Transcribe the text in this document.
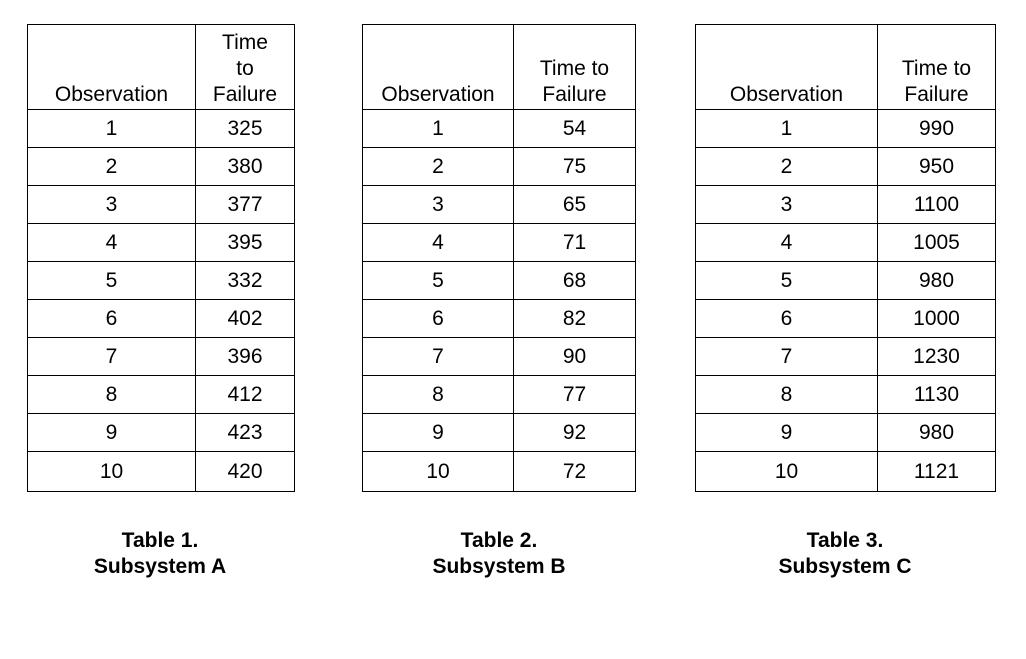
Observation	Time
to
Failure
1	325
2	380
3	377
4	395
5	332
6	402
7	396
8	412
9	423
10	420
Observation	Time to
Failure
1	54
2	75
3	65
4	71
5	68
6	82
7	90
8	77
9	92
10	72
Observation	Time to
Failure
1	990
2	950
3	1100
4	1005
5	980
6	1000
7	1230
8	1130
9	980
10	1121
Table 1.
Subsystem A
Table 2.
Subsystem B
Table 3.
Subsystem C
